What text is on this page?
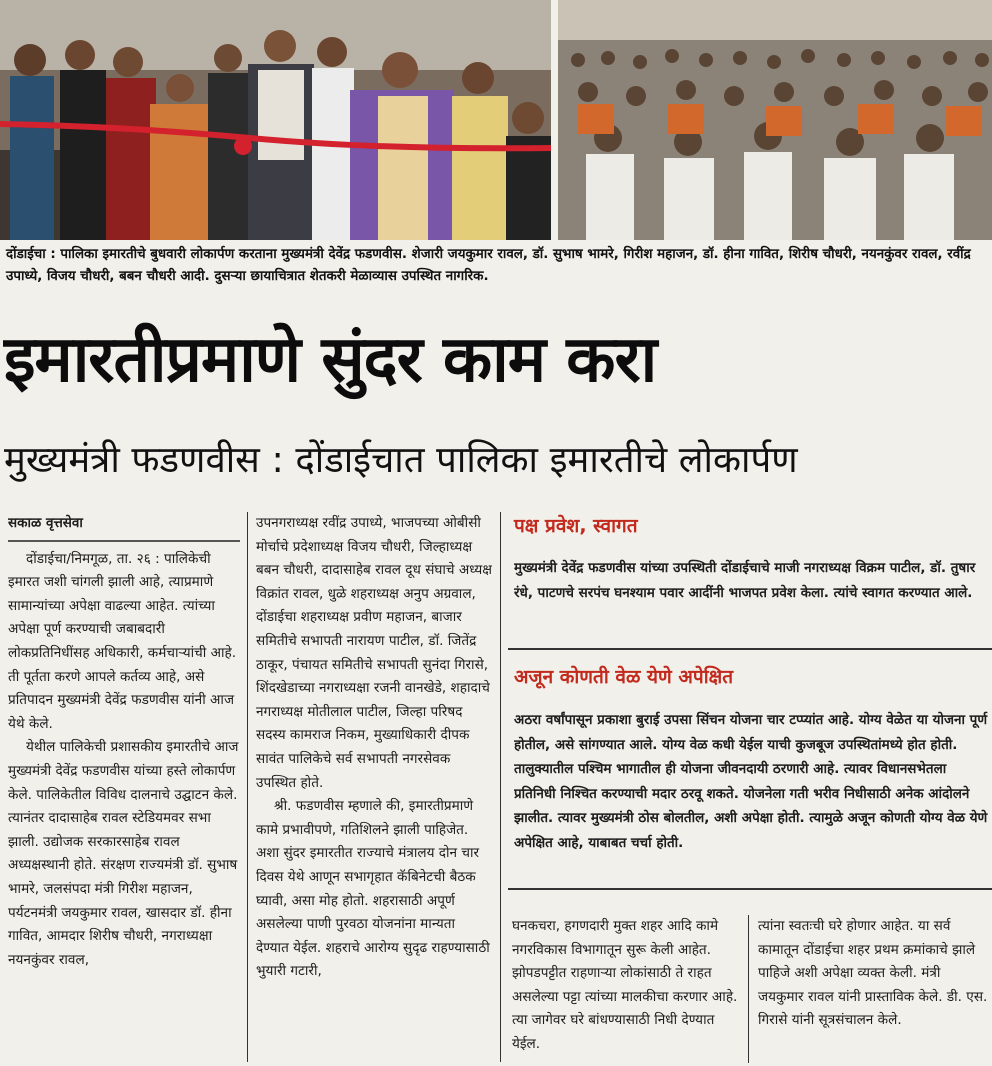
दोंडाईचा : पालिका इमारतीचे बुधवारी लोकार्पण करताना मुख्यमंत्री देवेंद्र फडणवीस. शेजारी जयकुमार रावल, डॉ. सुभाष भामरे, गिरीश महाजन, डॉ. हीना गावित, शिरीष चौधरी, नयनकुंवर रावल, रवींद्र उपाध्ये, विजय चौधरी, बबन चौधरी आदी. दुसऱ्या छायाचित्रात शेतकरी मेळाव्यास उपस्थित नागरिक.
इमारतीप्रमाणे सुंदर काम करा
मुख्यमंत्री फडणवीस : दोंडाईचात पालिका इमारतीचे लोकार्पण

सकाळ वृत्तसेवा

दोंडाईचा/निमगूळ, ता. २६ : पालिकेची इमारत जशी चांगली झाली आहे, त्याप्रमाणे सामान्यांच्या अपेक्षा वाढल्या आहेत. त्यांच्या अपेक्षा पूर्ण करण्याची जबाबदारी लोकप्रतिनिधींसह अधिकारी, कर्मचाऱ्यांची आहे. ती पूर्तता करणे आपले कर्तव्य आहे, असे प्रतिपादन मुख्यमंत्री देवेंद्र फडणवीस यांनी आज येथे केले.

येथील पालिकेची प्रशासकीय इमारतीचे आज मुख्यमंत्री देवेंद्र फडणवीस यांच्या हस्ते लोकार्पण केले. पालिकेतील विविध दालनाचे उद्घाटन केले. त्यानंतर दादासाहेब रावल स्टेडियमवर सभा झाली. उद्योजक सरकारसाहेब रावल अध्यक्षस्थानी होते. संरक्षण राज्यमंत्री डॉ. सुभाष भामरे, जलसंपदा मंत्री गिरीश महाजन, पर्यटनमंत्री जयकुमार रावल, खासदार डॉ. हीना गावित, आमदार शिरीष चौधरी, नगराध्यक्षा नयनकुंवर रावल,

उपनगराध्यक्ष रवींद्र उपाध्ये, भाजपच्या ओबीसी मोर्चाचे प्रदेशाध्यक्ष विजय चौधरी, जिल्हाध्यक्ष बबन चौधरी, दादासाहेब रावल दूध संघाचे अध्यक्ष विक्रांत रावल, धुळे शहराध्यक्ष अनुप अग्रवाल, दोंडाईचा शहराध्यक्ष प्रवीण महाजन, बाजार समितीचे सभापती नारायण पाटील, डॉ. जितेंद्र ठाकूर, पंचायत समितीचे सभापती सुनंदा गिरासे, शिंदखेडाच्या नगराध्यक्षा रजनी वानखेडे, शहादाचे नगराध्यक्ष मोतीलाल पाटील, जिल्हा परिषद सदस्य कामराज निकम, मुख्याधिकारी दीपक सावंत पालिकेचे सर्व सभापती नगरसेवक उपस्थित होते.

श्री. फडणवीस म्हणाले की, इमारतीप्रमाणे कामे प्रभावीपणे, गतिशिलने झाली पाहिजेत. अशा सुंदर इमारतीत राज्याचे मंत्रालय दोन चार दिवस येथे आणून सभागृहात कॅबिनेटची बैठक घ्यावी, असा मोह होतो. शहरासाठी अपूर्ण असलेल्या पाणी पुरवठा योजनांना मान्यता देण्यात येईल. शहराचे आरोग्य सुदृढ राहण्यासाठी भुयारी गटारी,

पक्ष प्रवेश, स्वागत
मुख्यमंत्री देवेंद्र फडणवीस यांच्या उपस्थिती दोंडाईचाचे माजी नगराध्यक्ष विक्रम पाटील, डॉ. तुषार रंधे, पाटणचे सरपंच घनश्याम पवार आदींनी भाजपत प्रवेश केला. त्यांचे स्वागत करण्यात आले.
अजून कोणती वेळ येणे अपेक्षित
अठरा वर्षांपासून प्रकाशा बुराई उपसा सिंचन योजना चार टप्प्यांत आहे. योग्य वेळेत या योजना पूर्ण होतील, असे सांगण्यात आले. योग्य वेळ कधी येईल याची कुजबूज उपस्थितांमध्ये होत होती. तालुक्यातील पश्चिम भागातील ही योजना जीवनदायी ठरणारी आहे. त्यावर विधानसभेतला प्रतिनिधी निश्चित करण्याची मदार ठरवू शकते. योजनेला गती भरीव निधीसाठी अनेक आंदोलने झालीत. त्यावर मुख्यमंत्री ठोस बोलतील, अशी अपेक्षा होती. त्यामुळे अजून कोणती योग्य वेळ येणे अपेक्षित आहे, याबाबत चर्चा होती.

घनकचरा, हगणदारी मुक्त शहर आदि कामे नगरविकास विभागातून सुरू केली आहेत. झोपडपट्टीत राहणाऱ्या लोकांसाठी ते राहत असलेल्या पट्टा त्यांच्या मालकीचा करणार आहे. त्या जागेवर घरे बांधण्यासाठी निधी देण्यात येईल.

त्यांना स्वतःची घरे होणार आहेत. या सर्व कामातून दोंडाईचा शहर प्रथम क्रमांकाचे झाले पाहिजे अशी अपेक्षा व्यक्त केली. मंत्री जयकुमार रावल यांनी प्रास्ताविक केले. डी. एस. गिरासे यांनी सूत्रसंचालन केले.
